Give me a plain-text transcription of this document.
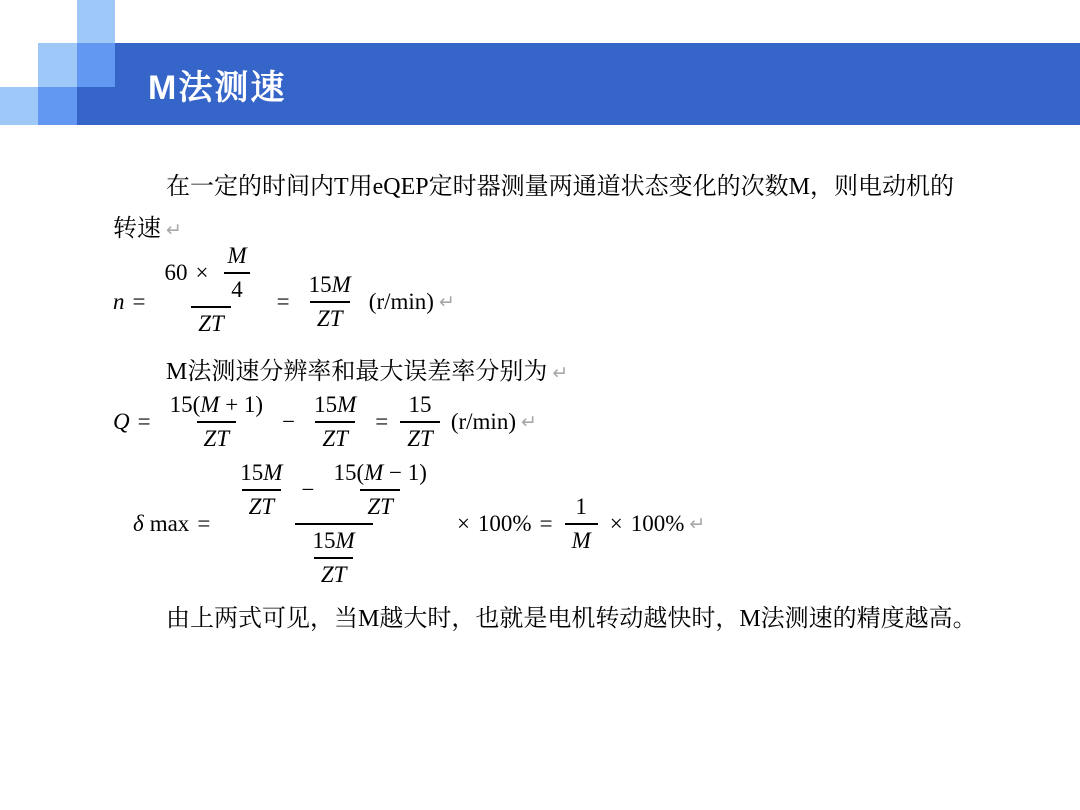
M法测速
在一定的时间内T用eQEP定时器测量两通道状态变化的次数M，则电动机的
转速 ↵
$n = \frac{60 \times \frac{M}{4}}{ZT} = \frac{15 M}{ZT} (r/\min)$ ↵
M法测速分辨率和最大误差率分别为 ↵
$Q = \frac{15( M + 1)}{ZT} - \frac{15 M}{ZT} = \frac{15}{ZT} (r/\min)$ ↵
δ max =
$\frac{15 M}{ZT} - \frac{15( M - 1)}{ZT}$
$\frac{15 M}{ZT}$
× $100\% = \frac{1}{M} \times 100\%$ ↵
由上两式可见，当M越大时，也就是电机转动越快时，M法测速的精度越高。
